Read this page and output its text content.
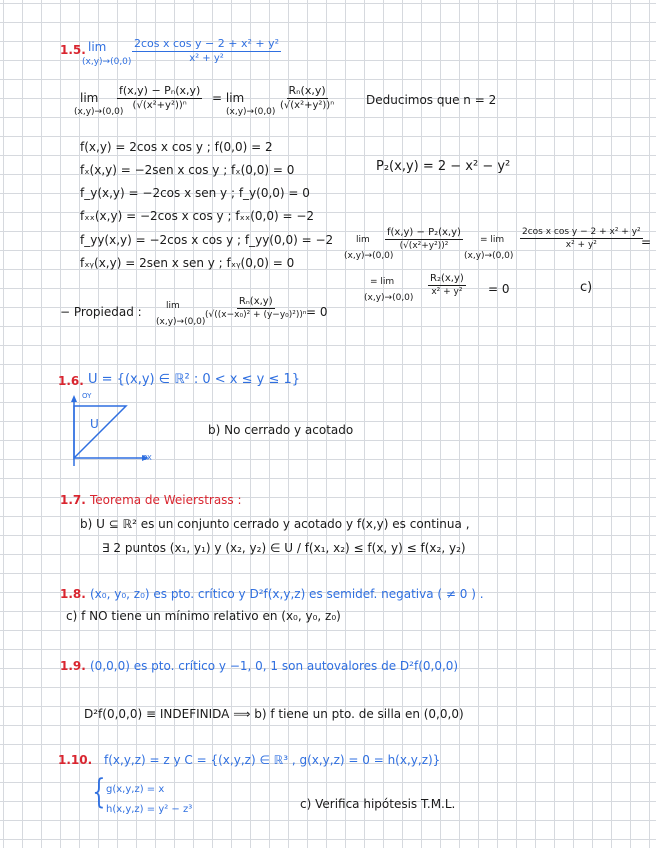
1.5. lim
$(x,y)\to(0,0) \frac{\text{2cos x cos y − 2 + x² + y²}}{\text{x² + y²}}$
lim
(x,y)→(0,0)
$\frac{\text{f(x,y) − Pₙ(x,y)}}{\text{(√(x²+y²))ⁿ}} = \lim$
(x,y)→(0,0)
$\frac{\text{Rₙ(x,y)}}{\text{(√(x²+y²))ⁿ}}$	Deducimos que n = 2
f(x,y) = 2cos x cos y ; f(0,0) = 2
fₓ(x,y) = −2sen x cos y ; fₓ(0,0) = 0
f_y(x,y) = −2cos x sen y ; f_y(0,0) = 0
fₓₓ(x,y) = −2cos x cos y ; fₓₓ(0,0) = −2
f_yy(x,y) = −2cos x cos y ; f_yy(0,0) = −2
fₓᵧ(x,y) = 2sen x sen y ; fₓᵧ(0,0) = 0
P₂(x,y) = 2 − x² − y²
lim
(x,y)→(0,0)
$\frac{\text{f(x,y) − P₂(x,y)}}{\text{(√(x²+y²))²}} = \lim$
(x,y)→(0,0)
$\frac{\text{2cos x cos y − 2 + x² + y²}}{\text{x² + y²}}$
=
= lim
(x,y)→(0,0)
$\frac{\text{R₂(x,y)}}{\text{x² + y²}} = 0$	c)
− Propiedad :	lim
(x,y)→(0,0)
$\frac{\text{Rₙ(x,y)}}{\text{(√((x−x₀)² + (y−y₀)²))ⁿ}} = 0$
1.6. U = {(x,y) ∈ ℝ² : 0 < x ≤ y ≤ 1}
OY
OX
U	b) No cerrado y acotado
1.7. Teorema de Weierstrass :
b) U ⊆ ℝ² es un conjunto cerrado y acotado y f(x,y) es continua ,
∃ 2 puntos (x₁, y₁) y (x₂, y₂) ∈ U / f(x₁, x₂) ≤ f(x, y) ≤ f(x₂, y₂)
1.8. (x₀, y₀, z₀) es pto. crítico y D²f(x,y,z) es semidef. negativa ( ≠ 0 ) .
c) f NO tiene un mínimo relativo en (x₀, y₀, z₀)
1.9. (0,0,0) es pto. crítico y −1, 0, 1 son autovalores de D²f(0,0,0)
D²f(0,0,0) ≡ INDEFINIDA ⟹ b) f tiene un pto. de silla en (0,0,0)
1.10. f(x,y,z) = z y C = {(x,y,z) ∈ ℝ³ , g(x,y,z) = 0 = h(x,y,z)}
{ g(x,y,z) = x
h(x,y,z) = y² − z³	c) Verifica hipótesis T.M.L.
